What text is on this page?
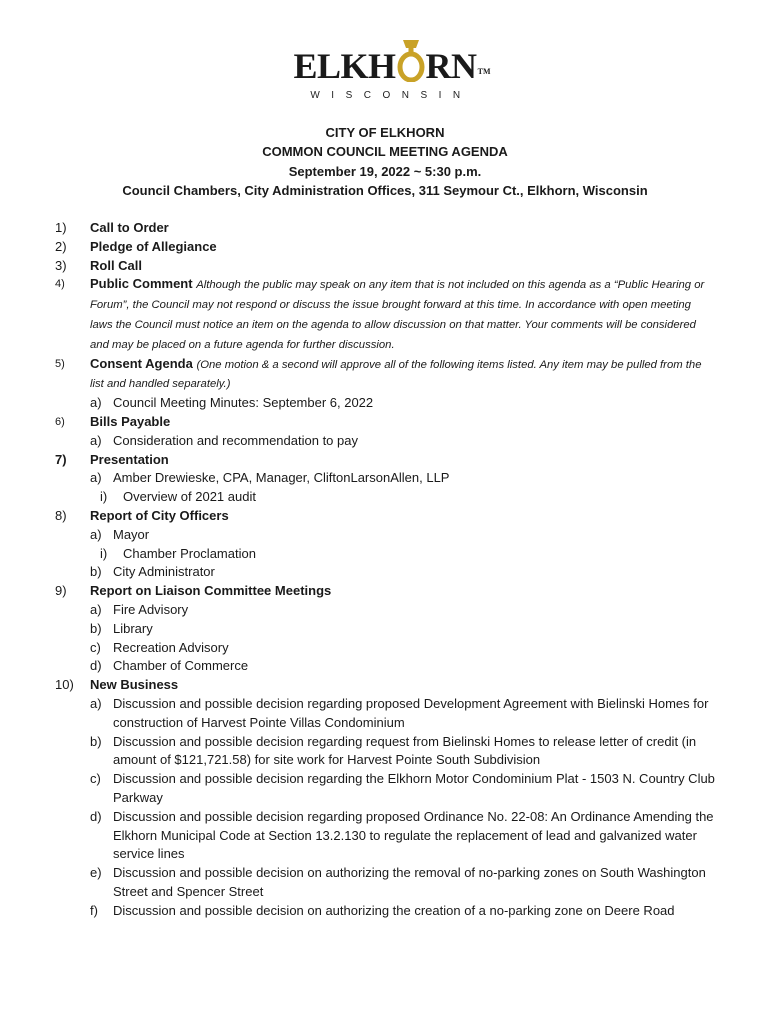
ELKH RN TM
WISCONSIN
CITY OF ELKHORN
COMMON COUNCIL MEETING AGENDA
September 19, 2022 ~ 5:30 p.m.
Council Chambers, City Administration Offices, 311 Seymour Ct., Elkhorn, Wisconsin
1)	Call to Order
2)	Pledge of Allegiance
3)	Roll Call
4)	Public Comment Although the public may speak on any item that is not included on this agenda as a “Public Hearing or Forum”, the Council may not respond or discuss the issue brought forward at this time. In accordance with open meeting laws the Council must notice an item on the agenda to allow discussion on that matter. Your comments will be considered and may be placed on a future agenda for further discussion.
5)	Consent Agenda (One motion & a second will approve all of the following items listed. Any item may be pulled from the list and handled separately.)
a) Council Meeting Minutes: September 6, 2022
6)	Bills Payable
a) Consideration and recommendation to pay
7)	Presentation
a) Amber Drewieske, CPA, Manager, CliftonLarsonAllen, LLP
i) Overview of 2021 audit
8)	Report of City Officers
a) Mayor
i) Chamber Proclamation
b) City Administrator
9)	Report on Liaison Committee Meetings
a) Fire Advisory
b) Library
c) Recreation Advisory
d) Chamber of Commerce
10)	New Business
a) Discussion and possible decision regarding proposed Development Agreement with Bielinski Homes for construction of Harvest Pointe Villas Condominium
b) Discussion and possible decision regarding request from Bielinski Homes to release letter of credit (in amount of $121,721.58) for site work for Harvest Pointe South Subdivision
c) Discussion and possible decision regarding the Elkhorn Motor Condominium Plat - 1503 N. Country Club Parkway
d) Discussion and possible decision regarding proposed Ordinance No. 22-08: An Ordinance Amending the Elkhorn Municipal Code at Section 13.2.130 to regulate the replacement of lead and galvanized water service lines
e) Discussion and possible decision on authorizing the removal of no-parking zones on South Washington Street and Spencer Street
f) Discussion and possible decision on authorizing the creation of a no-parking zone on Deere Road
